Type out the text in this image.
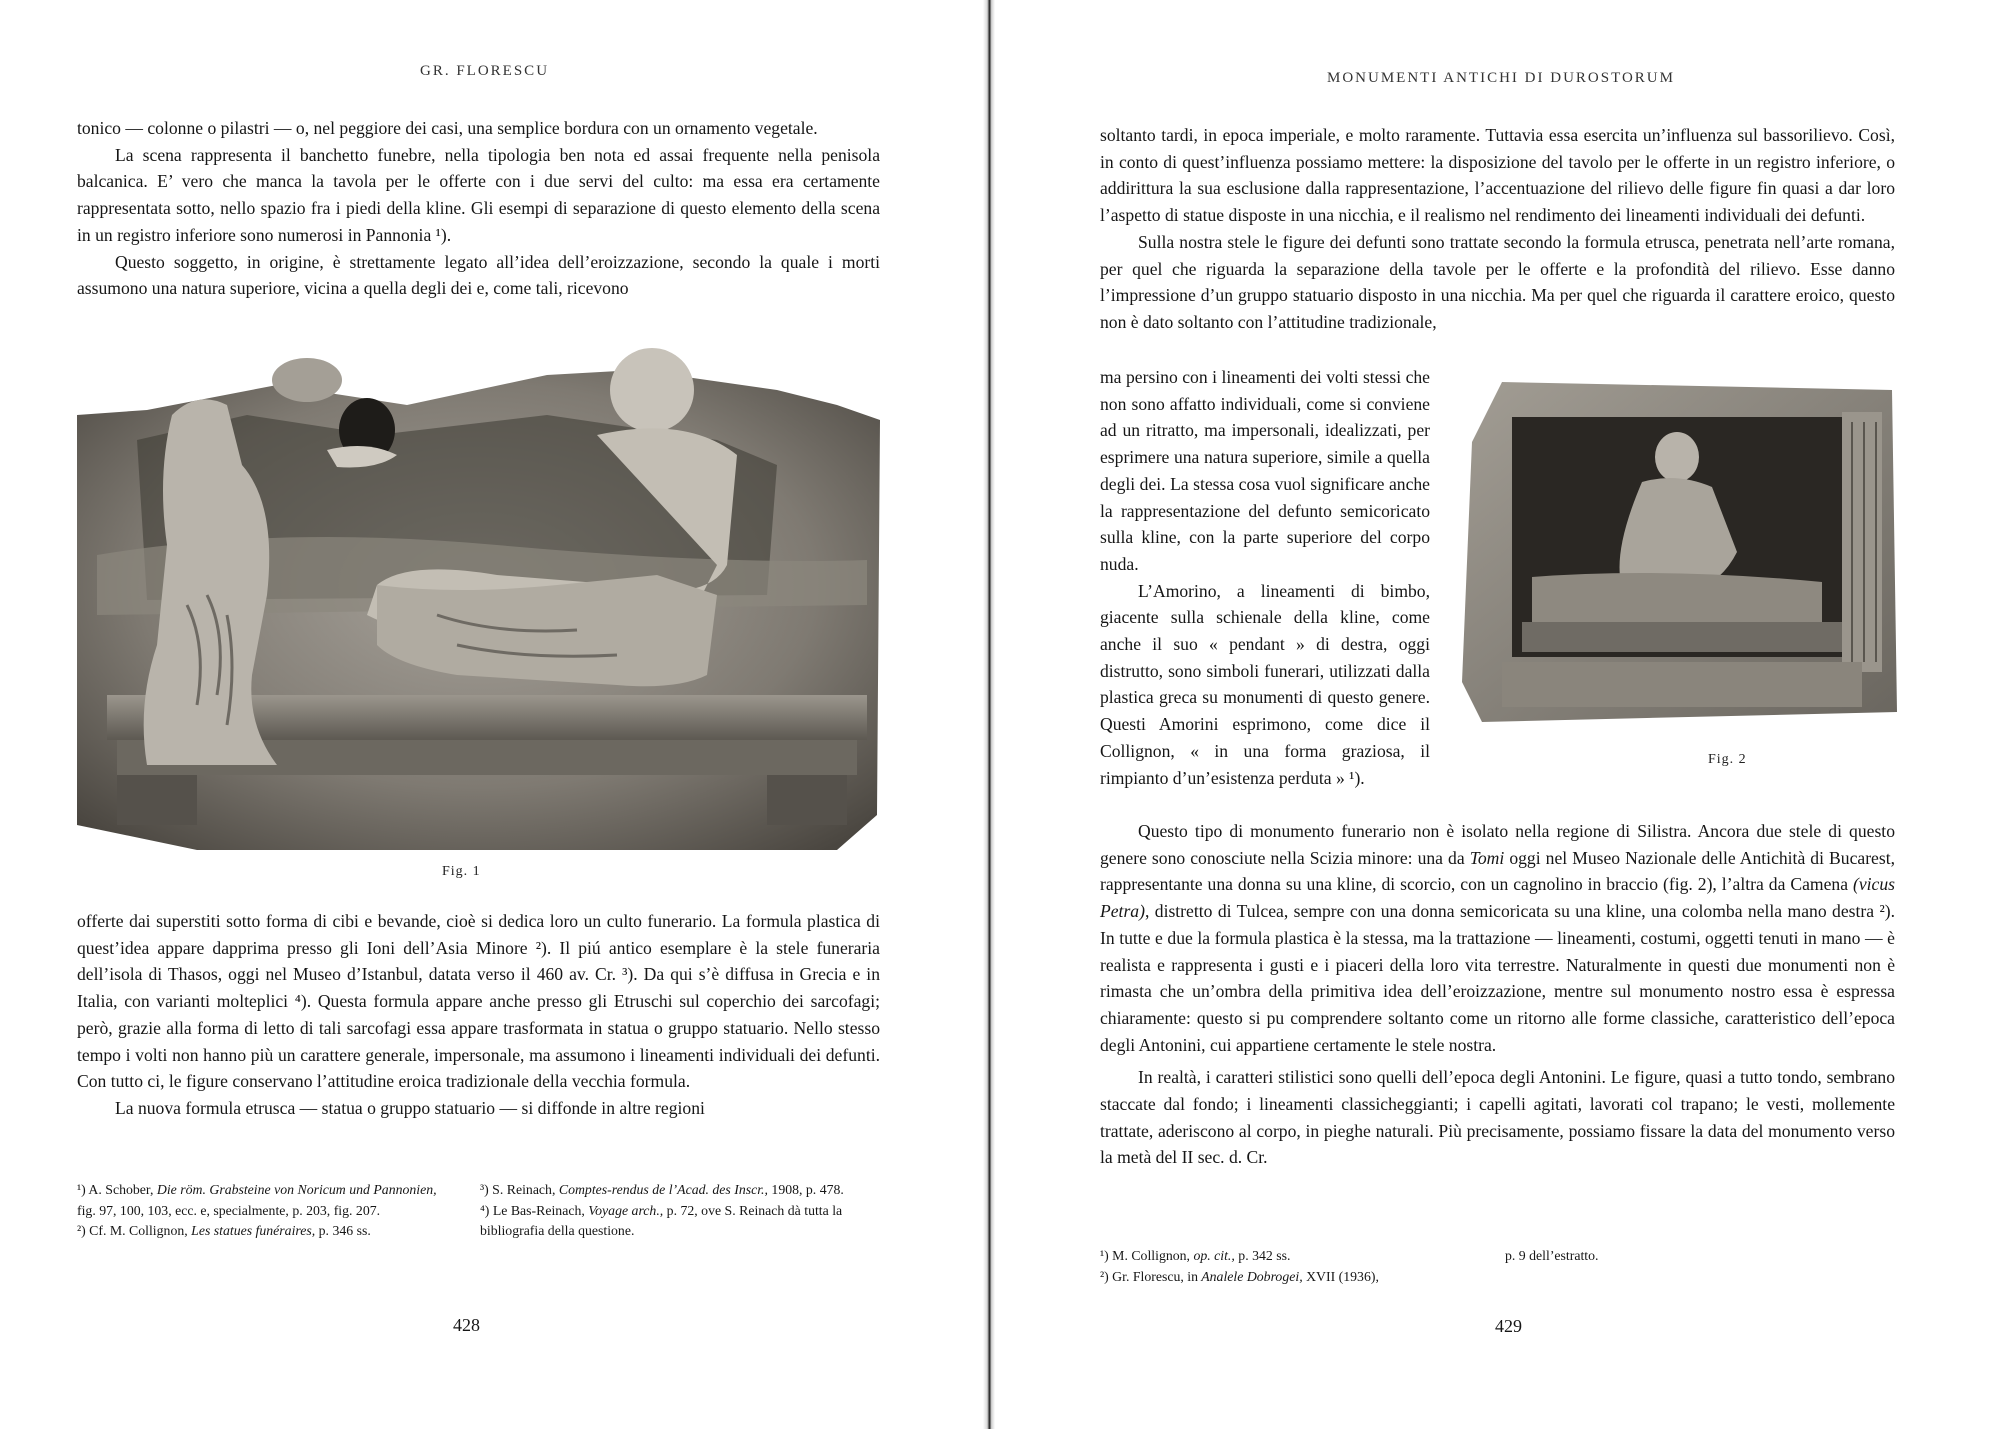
GR. FLORESCU

tonico — colonne o pilastri — o, nel peggiore dei casi, una semplice bordura con un ornamento vegetale.

La scena rappresenta il banchetto funebre, nella tipologia ben nota ed assai frequente nella penisola balcanica. E’ vero che manca la tavola per le offerte con i due servi del culto: ma essa era certamente rappresentata sotto, nello spazio fra i piedi della kline. Gli esempi di separazione di questo elemento della scena in un registro inferiore sono numerosi in Pannonia ¹).

Questo soggetto, in origine, è strettamente legato all’idea dell’eroizzazione, secondo la quale i morti assumono una natura superiore, vicina a quella degli dei e, come tali, ricevono

Fig. 1

offerte dai superstiti sotto forma di cibi e bevande, cioè si dedica loro un culto funerario. La formula plastica di quest’idea appare dapprima presso gli Ioni dell’Asia Minore ²). Il piú antico esemplare è la stele funeraria dell’isola di Thasos, oggi nel Museo d’Istanbul, datata verso il 460 av. Cr. ³). Da qui s’è diffusa in Grecia e in Italia, con varianti molteplici ⁴). Questa formula appare anche presso gli Etruschi sul coperchio dei sarcofagi; però, grazie alla forma di letto di tali sarcofagi essa appare trasformata in statua o gruppo statuario. Nello stesso tempo i volti non hanno più un carattere generale, impersonale, ma assumono i lineamenti individuali dei defunti. Con tutto ci, le figure conservano l’attitudine eroica tradizionale della vecchia formula.

La nuova formula etrusca — statua o gruppo statuario — si diffonde in altre regioni

¹) A. Schober, Die röm. Grabsteine von Noricum und Pannonien, fig. 97, 100, 103, ecc. e, specialmente, p. 203, fig. 207.

²) Cf. M. Collignon, Les statues funéraires, p. 346 ss.

³) S. Reinach, Comptes-rendus de l’Acad. des Inscr., 1908, p. 478.

⁴) Le Bas-Reinach, Voyage arch., p. 72, ove S. Reinach dà tutta la bibliografia della questione.

428
MONUMENTI ANTICHI DI DUROSTORUM

soltanto tardi, in epoca imperiale, e molto raramente. Tuttavia essa esercita un’influenza sul bassorilievo. Così, in conto di quest’influenza possiamo mettere: la disposizione del tavolo per le offerte in un registro inferiore, o addirittura la sua esclusione dalla rappresentazione, l’accentuazione del rilievo delle figure fin quasi a dar loro l’aspetto di statue disposte in una nicchia, e il realismo nel rendimento dei lineamenti individuali dei defunti.

Sulla nostra stele le figure dei defunti sono trattate secondo la formula etrusca, penetrata nell’arte romana, per quel che riguarda la separazione della tavole per le offerte e la profondità del rilievo. Esse danno l’impressione d’un gruppo statuario disposto in una nicchia. Ma per quel che riguarda il carattere eroico, questo non è dato soltanto con l’attitudine tradizionale,

ma persino con i lineamenti dei volti stessi che non sono affatto individuali, come si conviene ad un ritratto, ma impersonali, idealizzati, per esprimere una natura superiore, simile a quella degli dei. La stessa cosa vuol significare anche la rappresentazione del defunto semicoricato sulla kline, con la parte superiore del corpo nuda.

L’Amorino, a lineamenti di bimbo, giacente sulla schienale della kline, come anche il suo « pendant » di destra, oggi distrutto, sono simboli funerari, utilizzati dalla plastica greca su monumenti di questo genere. Questi Amorini esprimono, come dice il Collignon, « in una forma graziosa, il rimpianto d’un’esistenza perduta » ¹).

Fig. 2

Questo tipo di monumento funerario non è isolato nella regione di Silistra. Ancora due stele di questo genere sono conosciute nella Scizia minore: una da Tomi oggi nel Museo Nazionale delle Antichità di Bucarest, rappresentante una donna su una kline, di scorcio, con un cagnolino in braccio (fig. 2), l’altra da Camena (vicus Petra), distretto di Tulcea, sempre con una donna semicoricata su una kline, una colomba nella mano destra ²). In tutte e due la formula plastica è la stessa, ma la trattazione — lineamenti, costumi, oggetti tenuti in mano — è realista e rappresenta i gusti e i piaceri della loro vita terrestre. Naturalmente in questi due monumenti non è rimasta che un’ombra della primitiva idea dell’eroizzazione, mentre sul monumento nostro essa è espressa chiaramente: questo si pu comprendere soltanto come un ritorno alle forme classiche, caratteristico dell’epoca degli Antonini, cui appartiene certamente le stele nostra.

In realtà, i caratteri stilistici sono quelli dell’epoca degli Antonini. Le figure, quasi a tutto tondo, sembrano staccate dal fondo; i lineamenti classicheggianti; i capelli agitati, lavorati col trapano; le vesti, mollemente trattate, aderiscono al corpo, in pieghe naturali. Più precisamente, possiamo fissare la data del monumento verso la metà del II sec. d. Cr.

¹) M. Collignon, op. cit., p. 342 ss.	p. 9 dell’estratto.

²) Gr. Florescu, in Analele Dobrogei, XVII (1936),

429
